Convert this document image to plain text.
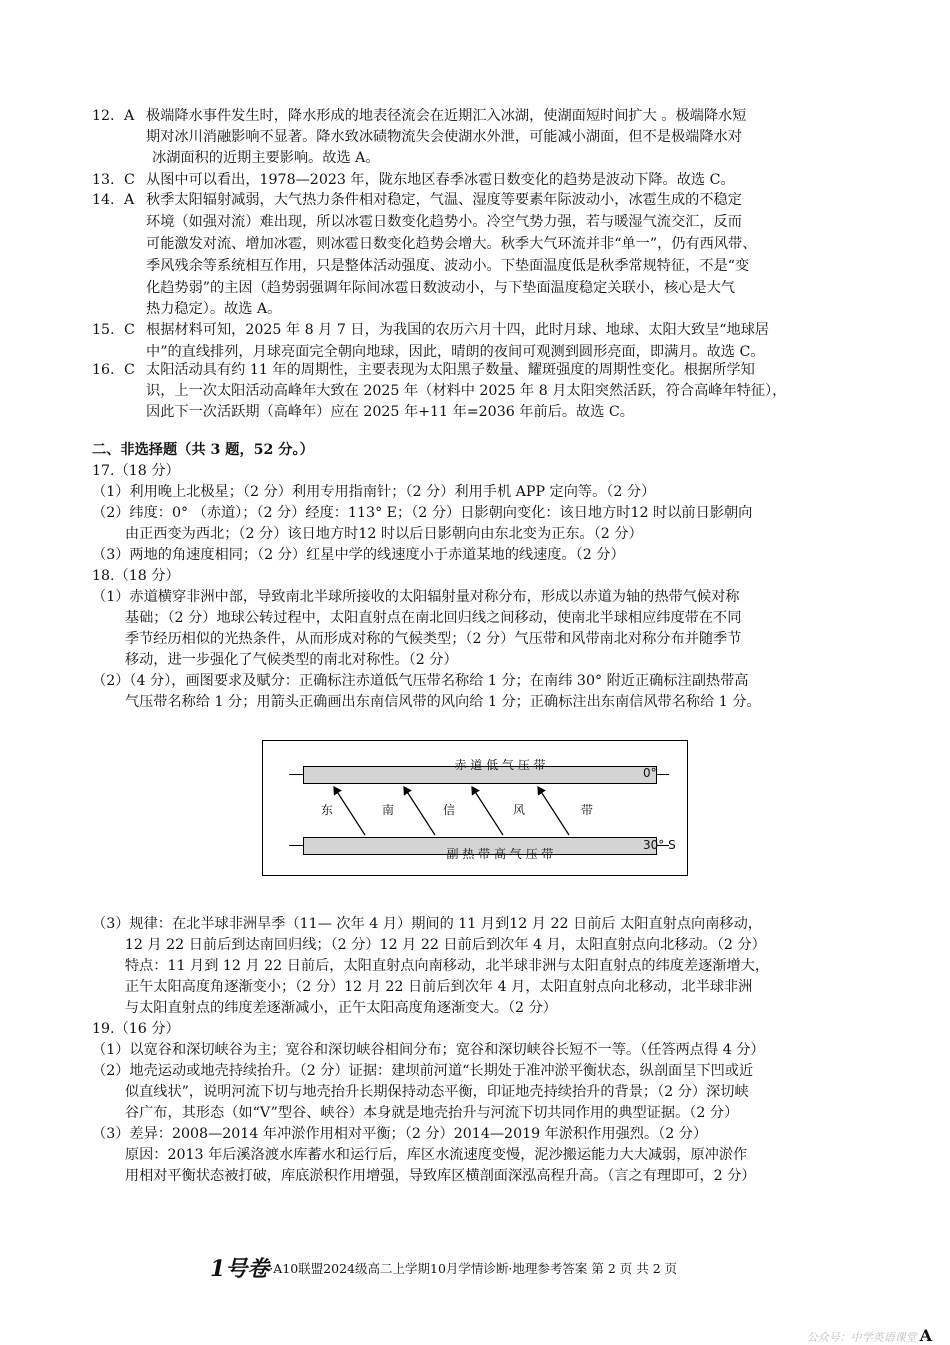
12. A 极端降水事件发生时，降水形成的地表径流会在近期汇入冰湖，使湖面短时间扩大 。极端降水短
期对冰川消融影响不显著。降水致冰碛物流失会使湖水外泄，可能减小湖面，但不是极端降水对
冰湖面积的近期主要影响。故选 A。
13. C 从图中可以看出，1978—2023 年，陇东地区春季冰雹日数变化的趋势是波动下降。故选 C。
14. A 秋季太阳辐射减弱，大气热力条件相对稳定，气温、湿度等要素年际波动小，冰雹生成的不稳定
环境（如强对流）难出现，所以冰雹日数变化趋势小。冷空气势力强，若与暖湿气流交汇，反而
可能激发对流、增加冰雹，则冰雹日数变化趋势会增大。秋季大气环流并非“单一”，仍有西风带、
季风残余等系统相互作用，只是整体活动强度、波动小。下垫面温度低是秋季常规特征，不是“变
化趋势弱”的主因（趋势弱强调年际间冰雹日数波动小，与下垫面温度稳定关联小，核心是大气
热力稳定）。故选 A。
15. C 根据材料可知，2025 年 8 月 7 日，为我国的农历六月十四，此时月球、地球、太阳大致呈“地球居
中”的直线排列，月球亮面完全朝向地球，因此，晴朗的夜间可观测到圆形亮面，即满月。故选 C。
16. C 太阳活动具有约 11 年的周期性，主要表现为太阳黑子数量、耀斑强度的周期性变化。根据所学知
识，上一次太阳活动高峰年大致在 2025 年（材料中 2025 年 8 月太阳突然活跃，符合高峰年特征），
因此下一次活跃期（高峰年）应在 2025 年+11 年=2036 年前后。故选 C。
二、非选择题（共 3 题，52 分。）
17.（18 分）
（1）利用晚上北极星；（2 分）利用专用指南针；（2 分）利用手机 APP 定向等。（2 分）
（2）纬度：0° （赤道）；（2 分）经度：113° E；（2 分）日影朝向变化：该日地方时12 时以前日影朝向
　　 由正西变为西北；（2 分）该日地方时12 时以后日影朝向由东北变为正东。（2 分）
（3）两地的角速度相同；（2 分）红星中学的线速度小于赤道某地的线速度。（2 分）
18.（18 分）
（1）赤道横穿非洲中部，导致南北半球所接收的太阳辐射量对称分布，形成以赤道为轴的热带气候对称
　　 基础；（2 分）地球公转过程中，太阳直射点在南北回归线之间移动，使南北半球相应纬度带在不同
　　 季节经历相似的光热条件，从而形成对称的气候类型；（2 分）气压带和风带南北对称分布并随季节
　　 移动，进一步强化了气候类型的南北对称性。（2 分）
（2）（4 分），画图要求及赋分：正确标注赤道低气压带名称给 1 分；在南纬 30° 附近正确标注副热带高
　　 气压带名称给 1 分；用箭头正确画出东南信风带的风向给 1 分；正确标注出东南信风带名称给 1 分。
赤 道 低 气 压 带
0°
副 热 带 高 气 压 带
30° S
东	南	信	风	带
（3）规律：在北半球非洲旱季（11— 次年 4 月）期间的 11 月到12 月 22 日前后 太阳直射点向南移动，
　　 12 月 22 日前后到达南回归线；（2 分）12 月 22 日前后到次年 4 月，太阳直射点向北移动。（2 分）
　　 特点：11 月到 12 月 22 日前后，太阳直射点向南移动，北半球非洲与太阳直射点的纬度差逐渐增大，
　　 正午太阳高度角逐渐变小；（2 分）12 月 22 日前后到次年 4 月，太阳直射点向北移动，北半球非洲
　　 与太阳直射点的纬度差逐渐减小，正午太阳高度角逐渐变大。（2 分）
19.（16 分）
（1）以宽谷和深切峡谷为主；宽谷和深切峡谷相间分布；宽谷和深切峡谷长短不一等。（任答两点得 4 分）
（2）地壳运动或地壳持续抬升。（2 分）证据：建坝前河道“长期处于准冲淤平衡状态，纵剖面呈下凹或近
　　 似直线状”，说明河流下切与地壳抬升长期保持动态平衡，印证地壳持续抬升的背景；（2 分）深切峡
　　 谷广布，其形态（如“V”型谷、峡谷）本身就是地壳抬升与河流下切共同作用的典型证据。（2 分）
（3）差异：2008—2014 年冲淤作用相对平衡；（2 分）2014—2019 年淤积作用强烈。（2 分）
　　 原因：2013 年后溪洛渡水库蓄水和运行后，库区水流速度变慢，泥沙搬运能力大大减弱，原冲淤作
　　 用相对平衡状态被打破，库底淤积作用增强，导致库区横剖面深泓高程升高。（言之有理即可，2 分）
1号卷·A10联盟2024级高二上学期10月学情诊断·地理参考答案 第 2 页 共 2 页
公众号：中学英语课堂 A
